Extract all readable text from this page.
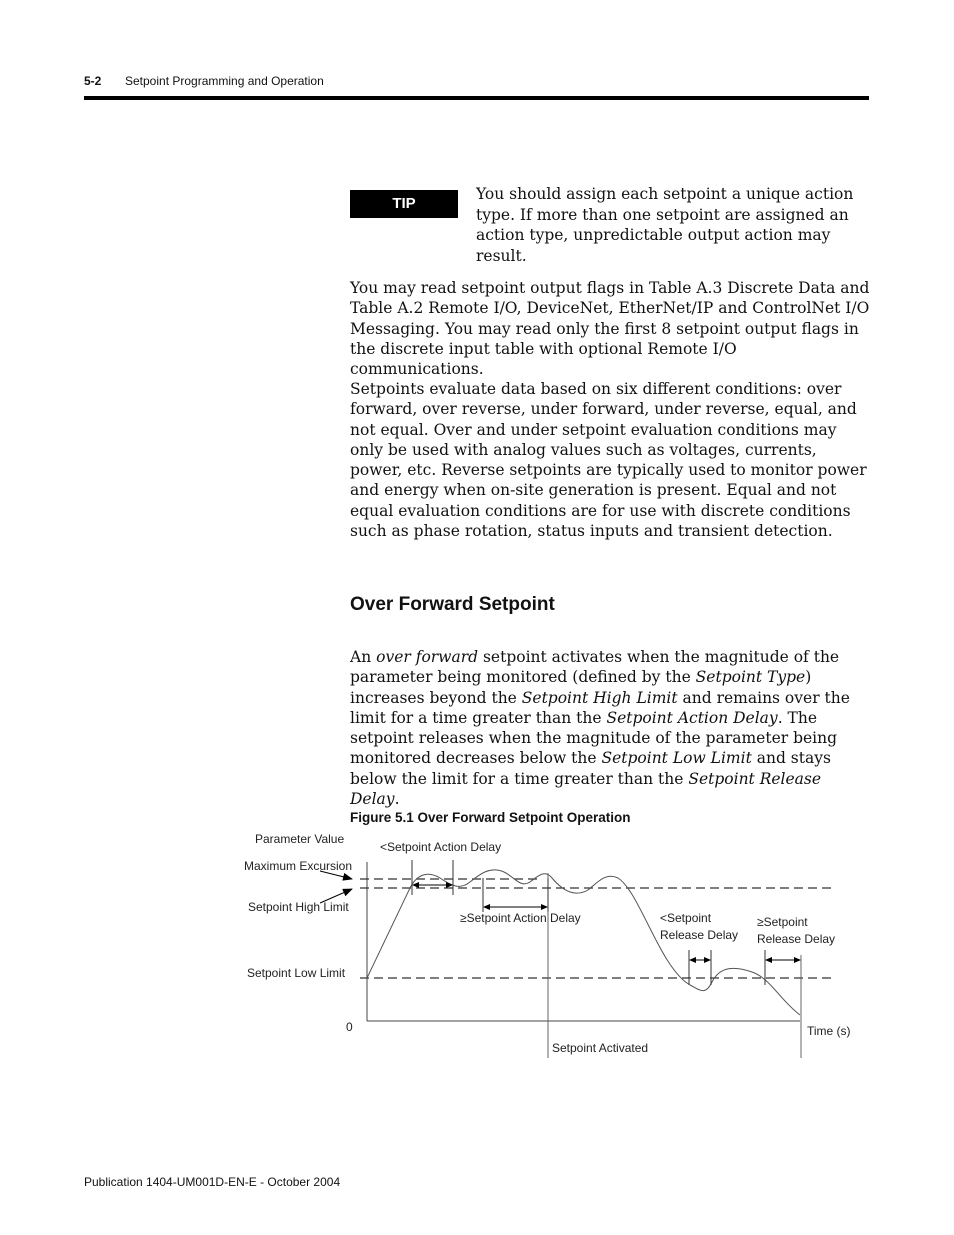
5-2 Setpoint Programming and Operation
TIP
You should assign each setpoint a unique action type. If more than one setpoint are assigned an action type, unpredictable output action may result.
You may read setpoint output flags in Table A.3 Discrete Data and Table A.2 Remote I/O, DeviceNet, EtherNet/IP and ControlNet I/O Messaging. You may read only the first 8 setpoint output flags in the discrete input table with optional Remote I/O communications.
Setpoints evaluate data based on six different conditions: over forward, over reverse, under forward, under reverse, equal, and not equal. Over and under setpoint evaluation conditions may only be used with analog values such as voltages, currents, power, etc. Reverse setpoints are typically used to monitor power and energy when on-site generation is present. Equal and not equal evaluation conditions are for use with discrete conditions such as phase rotation, status inputs and transient detection.
Over Forward Setpoint
An over forward setpoint activates when the magnitude of the parameter being monitored (defined by the Setpoint Type) increases beyond the Setpoint High Limit and remains over the limit for a time greater than the Setpoint Action Delay. The setpoint releases when the magnitude of the parameter being monitored decreases below the Setpoint Low Limit and stays below the limit for a time greater than the Setpoint Release Delay.
Figure 5.1 Over Forward Setpoint Operation
Parameter Value
Maximum Excursion
Setpoint High Limit
Setpoint Low Limit
0	Time (s)
<Setpoint Action Delay
≥Setpoint Action Delay	<Setpoint
Release Delay
≥Setpoint
Release Delay
Setpoint Activated
Publication 1404-UM001D-EN-E - October 2004
